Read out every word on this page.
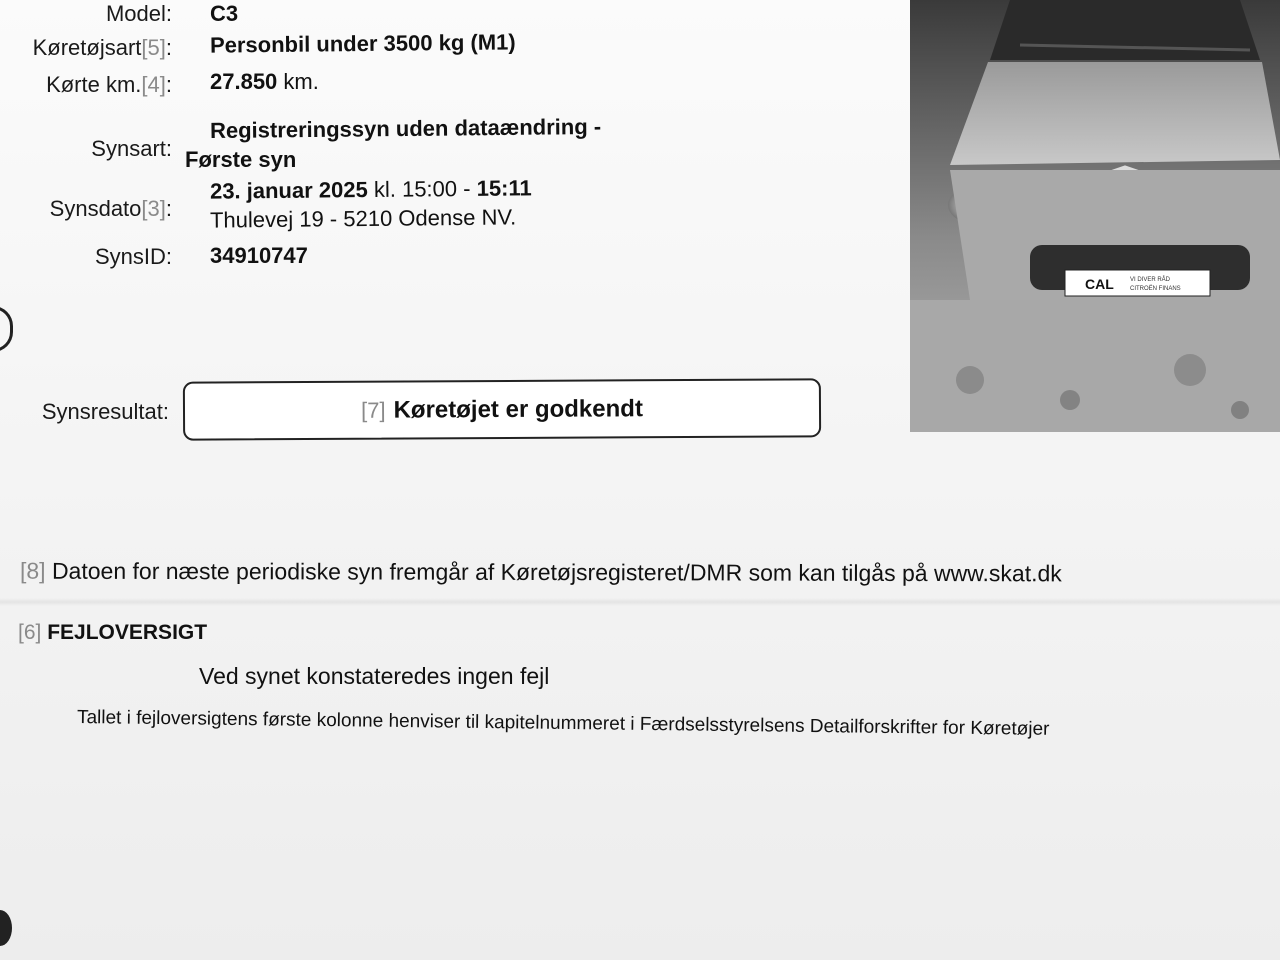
Model: C3
Køretøjsart[5]: Personbil under 3500 kg (M1)
Kørte km.[4]: 27.850 km.
Synsart:
Registreringssyn uden dataændring -
Første syn
Synsdato[3]:
23. januar 2025 kl. 15:00 - 15:11
Thulevej 19 - 5210 Odense NV.
SynsID: 34910747
CAL	VI DIVER RÅD
CITROËN FINANS
Synsresultat:	[7] Køretøjet er godkendt
[8] Datoen for næste periodiske syn fremgår af Køretøjsregisteret/DMR som kan tilgås på www.skat.dk
[6] FEJLOVERSIGT
Ved synet konstateredes ingen fejl
Tallet i fejloversigtens første kolonne henviser til kapitelnummeret i Færdselsstyrelsens Detailforskrifter for Køretøjer
